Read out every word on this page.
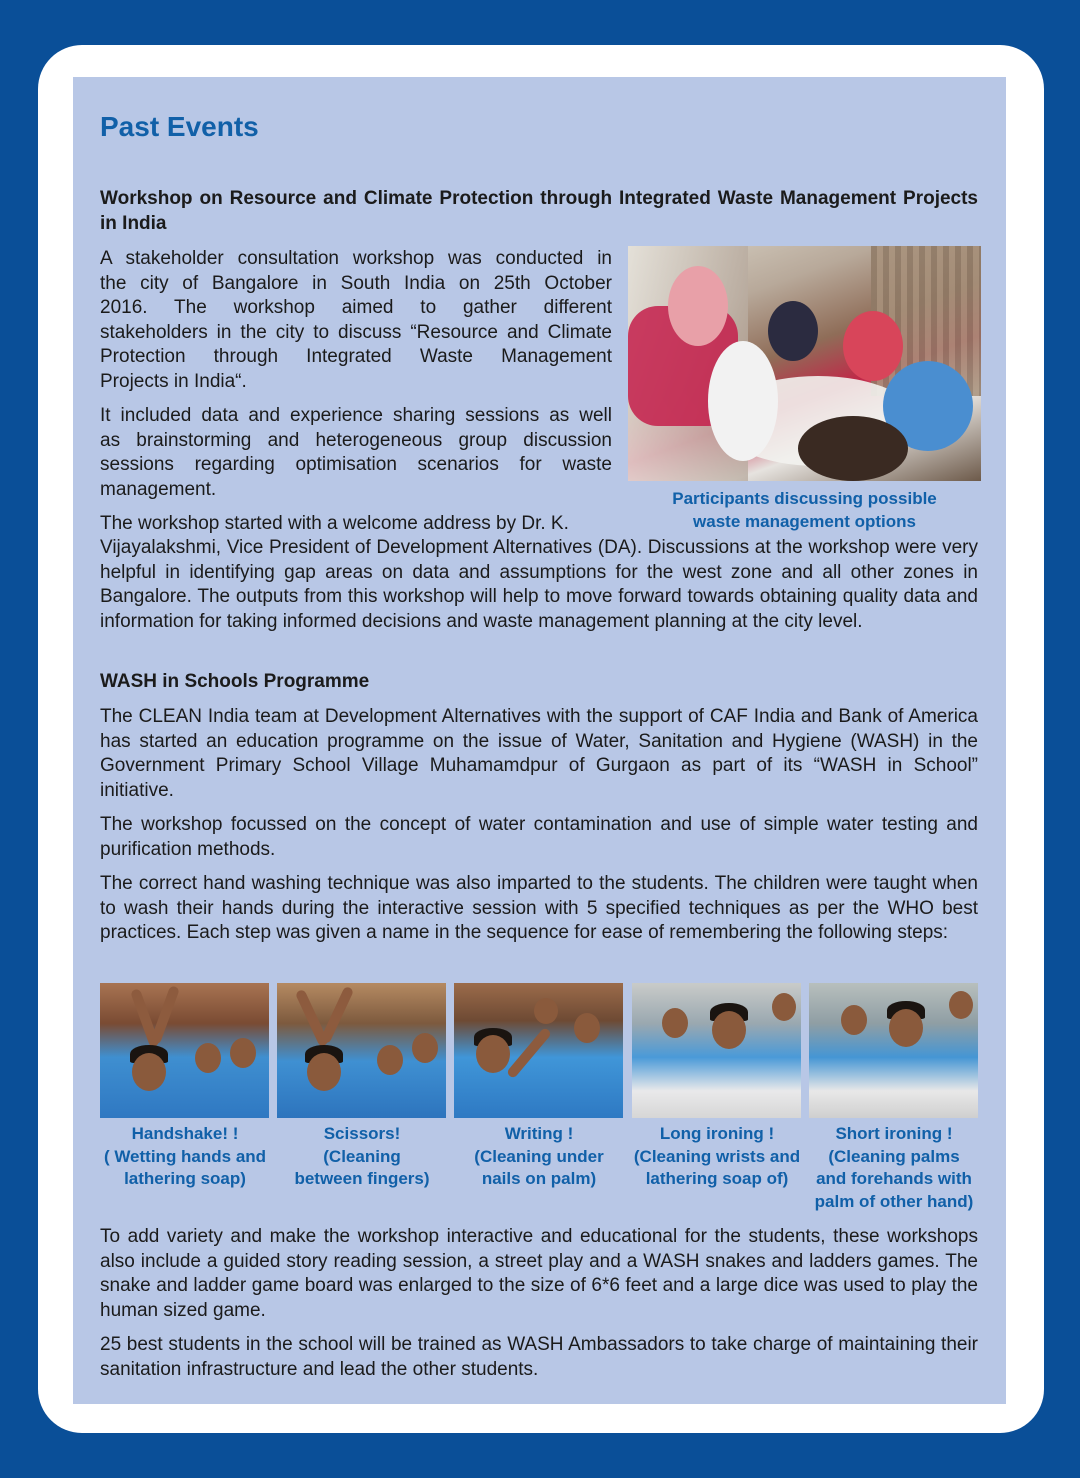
Past Events

Workshop on Resource and Climate Protection through Integrated Waste Management Projects in India

A stakeholder consultation workshop was conducted in

the city of Bangalore in South India on 25th October

2016. The workshop aimed to gather different

stakeholders in the city to discuss “Resource and Climate

Protection through Integrated Waste Management

Projects in India“.

It included data and experience sharing sessions as well

as brainstorming and heterogeneous group discussion

sessions regarding optimisation scenarios for waste

management.	Participants discussing possible
waste management options

The workshop started with a welcome address by Dr. K.

Vijayalakshmi, Vice President of Development Alternatives (DA). Discussions at the workshop were very helpful in identifying gap areas on data and assumptions for the west zone and all other zones in Bangalore. The outputs from this workshop will help to move forward towards obtaining quality data and information for taking informed decisions and waste management planning at the city level.

WASH in Schools Programme

The CLEAN India team at Development Alternatives with the support of CAF India and Bank of America has started an education programme on the issue of Water, Sanitation and Hygiene (WASH) in the Government Primary School Village Muhamamdpur of Gurgaon as part of its “WASH in School” initiative.

The workshop focussed on the concept of water contamination and use of simple water testing and purification methods.

The correct hand washing technique was also imparted to the students. The children were taught when to wash their hands during the interactive session with 5 specified techniques as per the WHO best practices. Each step was given a name in the sequence for ease of remembering the following steps:

Handshake! !
( Wetting hands and
lathering soap)
Scissors!
(Cleaning
between fingers)
Writing !
(Cleaning under
nails on palm)
Long ironing !
(Cleaning wrists and
lathering soap of)
Short ironing !
(Cleaning palms
and forehands with
palm of other hand)

To add variety and make the workshop interactive and educational for the students, these workshops also include a guided story reading session, a street play and a WASH snakes and ladders games. The snake and ladder game board was enlarged to the size of 6*6 feet and a large dice was used to play the human sized game.

25 best students in the school will be trained as WASH Ambassadors to take charge of maintaining their sanitation infrastructure and lead the other students.
